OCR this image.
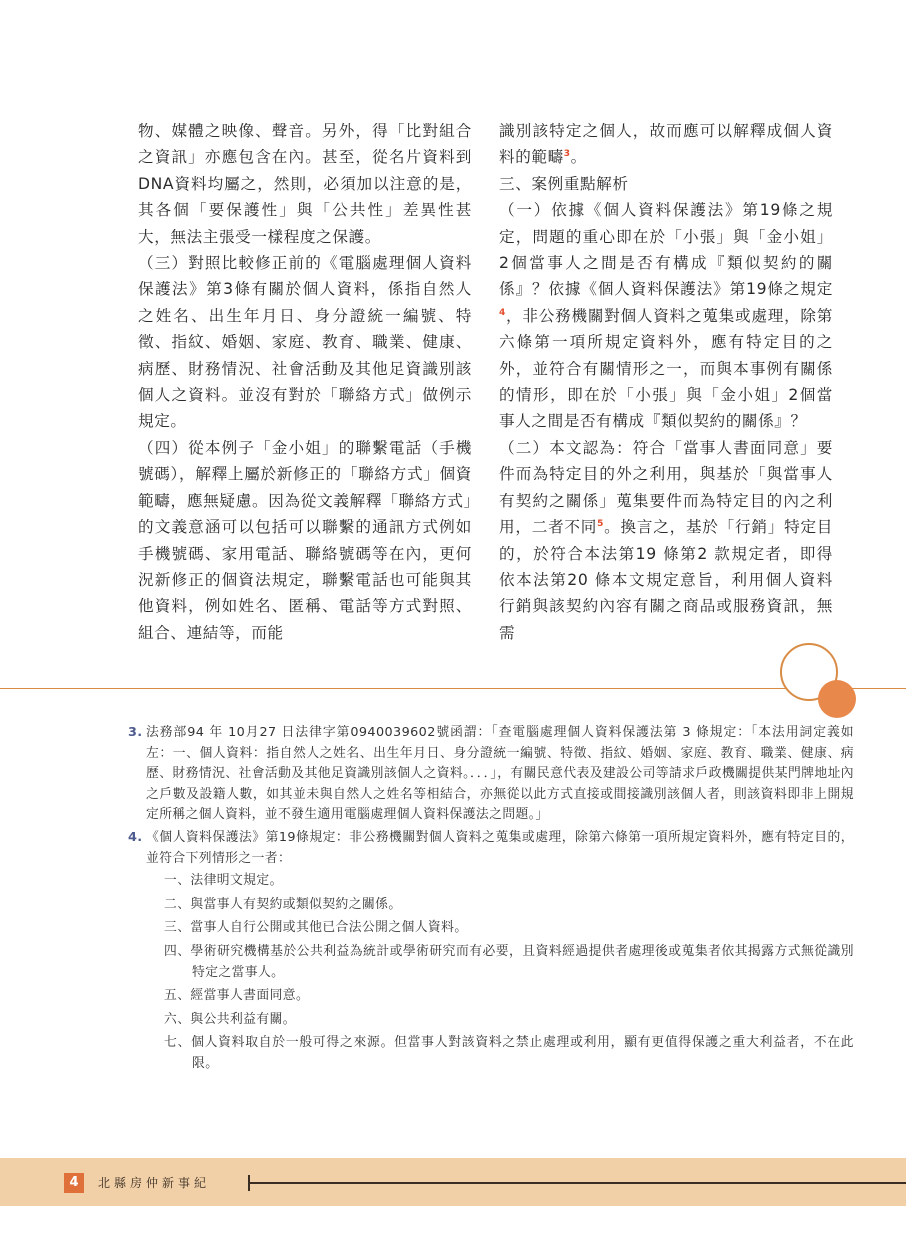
物、媒體之映像、聲音。另外，得「比對組合之資訊」亦應包含在內。甚至，從名片資料到DNA資料均屬之，然則，必須加以注意的是，其各個「要保護性」與「公共性」差異性甚大，無法主張受一樣程度之保護。

（三）對照比較修正前的《電腦處理個人資料保護法》第3條有關於個人資料，係指自然人之姓名、出生年月日、身分證統一編號、特徵、指紋、婚姻、家庭、教育、職業、健康、病歷、財務情況、社會活動及其他足資識別該個人之資料。並沒有對於「聯絡方式」做例示規定。

（四）從本例子「金小姐」的聯繫電話（手機號碼），解釋上屬於新修正的「聯絡方式」個資範疇，應無疑慮。因為從文義解釋「聯絡方式」的文義意涵可以包括可以聯繫的通訊方式例如手機號碼、家用電話、聯絡號碼等在內，更何況新修正的個資法規定，聯繫電話也可能與其他資料，例如姓名、匿稱、電話等方式對照、組合、連結等，而能

識別該特定之個人，故而應可以解釋成個人資料的範疇$^3$。

三、案例重點解析

（一）依據《個人資料保護法》第19條之規定，問題的重心即在於「小張」與「金小姐」2個當事人之間是否有構成『類似契約的關係』？依據《個人資料保護法》第19條之規定$^4$，非公務機關對個人資料之蒐集或處理，除第六條第一項所規定資料外，應有特定目的之外，並符合有關情形之一，而與本事例有關係的情形，即在於「小張」與「金小姐」2個當事人之間是否有構成『類似契約的關係』？

（二）本文認為：符合「當事人書面同意」要件而為特定目的外之利用，與基於「與當事人有契約之關係」蒐集要件而為特定目的內之利用，二者不同$^5$。換言之，基於「行銷」特定目的，於符合本法第19 條第2 款規定者，即得依本法第20 條本文規定意旨，利用個人資料行銷與該契約內容有關之商品或服務資訊，無需

3. 法務部94 年 10月27 日法律字第0940039602號函謂：「查電腦處理個人資料保護法第 3 條規定：「本法用詞定義如左：一、個人資料：指自然人之姓名、出生年月日、身分證統一編號、特徵、指紋、婚姻、家庭、教育、職業、健康、病歷、財務情況、社會活動及其他足資識別該個人之資料。．．．」，有關民意代表及建設公司等請求戶政機關提供某門牌地址內之戶數及設籍人數，如其並未與自然人之姓名等相結合，亦無從以此方式直接或間接識別該個人者，則該資料即非上開規定所稱之個人資料，並不發生適用電腦處理個人資料保護法之問題。」
4. 《個人資料保護法》第19條規定：非公務機關對個人資料之蒐集或處理，除第六條第一項所規定資料外，應有特定目的，並符合下列情形之一者：
一、法律明文規定。
二、與當事人有契約或類似契約之關係。
三、當事人自行公開或其他已合法公開之個人資料。
四、學術研究機構基於公共利益為統計或學術研究而有必要，且資料經過提供者處理後或蒐集者依其揭露方式無從識別特定之當事人。
五、經當事人書面同意。
六、與公共利益有關。
七、個人資料取自於一般可得之來源。但當事人對該資料之禁止處理或利用，顯有更值得保護之重大利益者，不在此限。
4	北縣房仲新事紀
